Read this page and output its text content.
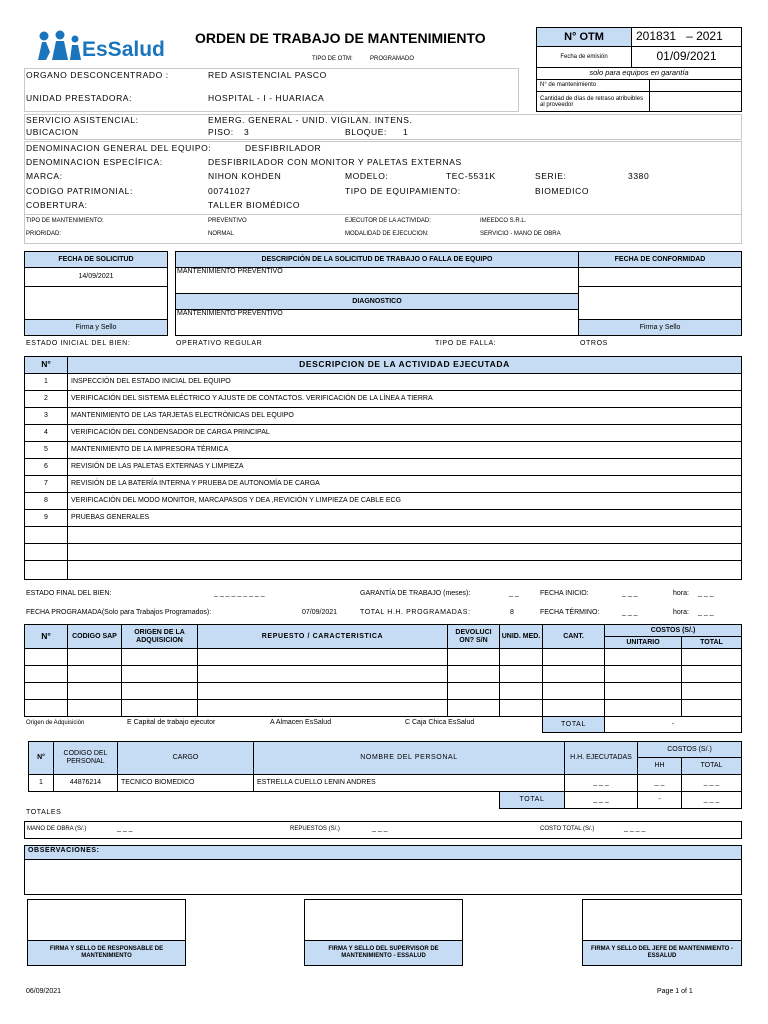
EsSalud ORDEN DE TRABAJO DE MANTENIMIENTO
TIPO DE OTM:	PROGRAMADO
N° OTM	201831
– 2021
Fecha de emisión	01/09/2021
solo para equipos en garantía
N° de mantenimiento
Cantidad de días de retraso atribuibles al proveedor
ORGANO DESCONCENTRADO :	RED ASISTENCIAL PASCO
UNIDAD PRESTADORA:	HOSPITAL - I - HUARIACA
SERVICIO ASISTENCIAL:	EMERG. GENERAL - UNID. VIGILAN. INTENS.
UBICACION	PISO: 3	BLOQUE: 1
DENOMINACION GENERAL DEL EQUIPO:	DESFIBRILADOR
DENOMINACION ESPECÍFICA:	DESFIBRILADOR CON MONITOR Y PALETAS EXTERNAS
MARCA:	NIHON KOHDEN	MODELO:	TEC-5531K	SERIE:	3380
CODIGO PATRIMONIAL:	00741027	TIPO DE EQUIPAMIENTO:	BIOMEDICO
COBERTURA:	TALLER BIOMÉDICO
TIPO DE MANTENIMIENTO:	PREVENTIVO	EJECUTOR DE LA ACTIVIDAD:	IMEEDCO S.R.L.
PRIORIDAD:	NORMAL	MODALIDAD DE EJECUCION:	SERVICIO - MANO DE OBRA
FECHA DE SOLICITUD
14/09/2021
Firma y Sello
DESCRIPCIÓN DE LA SOLICITUD DE TRABAJO O FALLA DE EQUIPO
MANTENIMIENTO PREVENTIVO
DIAGNOSTICO
MANTENIMIENTO PREVENTIVO
FECHA DE CONFORMIDAD
Firma y Sello
ESTADO INICIAL DEL BIEN:	OPERATIVO REGULAR	TIPO DE FALLA:	OTROS
N°	DESCRIPCION DE LA ACTIVIDAD EJECUTADA
1	INSPECCIÓN DEL ESTADO INICIAL DEL EQUIPO
2	VERIFICACIÓN DEL SISTEMA ELÉCTRICO Y AJUSTE DE CONTACTOS. VERIFICACIÓN DE LA LÍNEA A TIERRA
3	MANTENIMIENTO DE LAS TARJETAS ELECTRÓNICAS DEL EQUIPO
4	VERIFICACIÓN DEL CONDENSADOR DE CARGA PRINCIPAL
5	MANTENIMIENTO DE LA IMPRESORA TÉRMICA
6	REVISIÓN DE LAS PALETAS EXTERNAS Y LIMPIEZA
7	REVISIÓN DE LA BATERÍA INTERNA Y PRUEBA DE AUTONOMÍA DE CARGA
8	VERIFICACIÓN DEL MODO MONITOR, MARCAPASOS Y DEA ,REVICIÓN Y LIMPIEZA DE CABLE ECG
9	PRUEBAS GENERALES
ESTADO FINAL DEL BIEN:	_ _ _ _ _ _ _ _ _	GARANTÍA DE TRABAJO (meses):	_ _	FECHA INICIO:	_ _ _	hora: _ _ _
FECHA PROGRAMADA(Solo para Trabajos Programados):	07/09/2021	TOTAL H.H. PROGRAMADAS:	8	FECHA TÉRMINO:	_ _ _	hora: _ _ _
N°	CODIGO SAP
ORIGEN DE LA ADQUISICION
REPUESTO / CARACTERISTICA
DEVOLUCI ON? S/N
UNID. MED.	CANT.
COSTOS (S/.)
UNITARIO	TOTAL
Origen de Adquisición	E Capital de trabajo ejecutor	A Almacen EsSalud	C Caja Chica EsSalud	TOTAL	-
N°
CODIGO DEL PERSONAL
CARGO	NOMBRE DEL PERSONAL	H.H. EJECUTADAS
COSTOS (S/.)
HH	TOTAL
1	44876214	TECNICO BIOMEDICO	ESTRELLA CUELLO LENIN ANDRES	_ _ _	_ _	_ _ _
TOTAL	_ _ _	-	_ _ _
TOTALES
MANO DE OBRA (S/.)	_ _ _	REPUESTOS (S/.)	_ _ _	COSTO TOTAL (S/.)	_ _ _ _
OBSERVACIONES:
FIRMA Y SELLO DE RESPONSABLE DE MANTENIMIENTO
FIRMA Y SELLO DEL SUPERVISOR DE MANTENIMIENTO - ESSALUD
FIRMA Y SELLO DEL JEFE DE MANTENIMIENTO - ESSALUD
06/09/2021	Page 1 of 1
